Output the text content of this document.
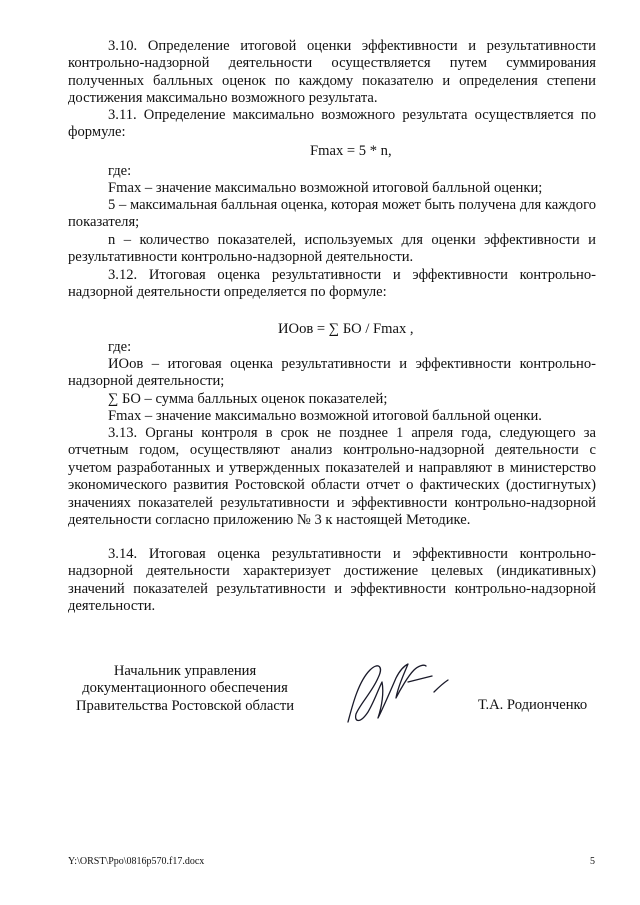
3.10. Определение итоговой оценки эффективности и результативности контрольно-надзорной деятельности осуществляется путем суммирования полученных балльных оценок по каждому показателю и определения степени достижения максимально возможного результата.

3.11. Определение максимально возможного результата осуществляется по формуле:

Fmax = 5 * n,

где:

Fmax – значение максимально возможной итоговой балльной оценки;

5 – максимальная балльная оценка, которая может быть получена для каждого показателя;

n – количество показателей, используемых для оценки эффективности и результативности контрольно-надзорной деятельности.

3.12. Итоговая оценка результативности и эффективности контрольно-надзорной деятельности определяется по формуле:

ИОов = ∑ БО / Fmax ,

где:

ИОов – итоговая оценка результативности и эффективности контрольно-надзорной деятельности;

∑ БО – сумма балльных оценок показателей;

Fmax – значение максимально возможной итоговой балльной оценки.

3.13. Органы контроля в срок не позднее 1 апреля года, следующего за отчетным годом, осуществляют анализ контрольно-надзорной деятельности с учетом разработанных и утвержденных показателей и направляют в министерство экономического развития Ростовской области отчет о фактических (достигнутых) значениях показателей результативности и эффективности контрольно-надзорной деятельности согласно приложению № 3 к настоящей Методике.

3.14. Итоговая оценка результативности и эффективности контрольно-надзорной деятельности характеризует достижение целевых (индикативных) значений показателей результативности и эффективности контрольно-надзорной деятельности.

Начальник управления
документационного обеспечения
Правительства Ростовской области	Т.А. Родионченко
Y:\ORST\Ppo\0816p570.f17.docx	5
